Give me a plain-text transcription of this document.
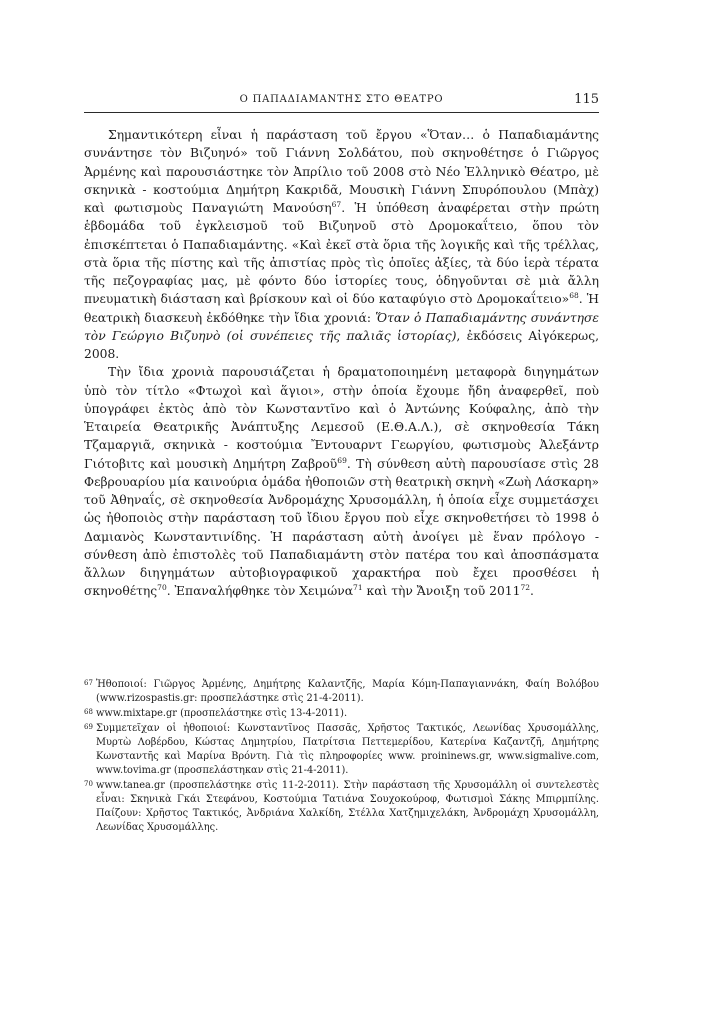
Ο ΠΑΠΑΔΙΑΜΑΝΤΗΣ ΣΤΟ ΘΕΑΤΡΟ	115

Σημαντικότερη εἶναι ἡ παράσταση τοῦ ἔργου «Ὅταν… ὁ Παπαδιαμάντης συνάντησε τὸν Βιζυηνό» τοῦ Γιάννη Σολδάτου, ποὺ σκηνοθέτησε ὁ Γιῶργος Ἀρμένης καὶ παρουσιάστηκε τὸν Ἀπρίλιο τοῦ 2008 στὸ Νέο Ἑλληνικὸ Θέατρο, μὲ σκηνικὰ - κοστούμια Δημήτρη Κακριδᾶ, Μουσικὴ Γιάννη Σπυρόπουλου (Μπὰχ) καὶ φωτισμοὺς Παναγιώτη Μανούση$^{67}$. Ἡ ὑπόθεση ἀναφέρεται στὴν πρώτη ἑβδομάδα τοῦ ἐγκλεισμοῦ τοῦ Βιζυηνοῦ στὸ Δρομοκαΐτειο, ὅπου τὸν ἐπισκέπτεται ὁ Παπαδιαμάντης. «Καὶ ἐκεῖ στὰ ὅρια τῆς λογικῆς καὶ τῆς τρέλλας, στὰ ὅρια τῆς πίστης καὶ τῆς ἀπιστίας πρὸς τὶς ὁποῖες ἀξίες, τὰ δύο ἱερὰ τέρατα τῆς πεζογραφίας μας, μὲ φόντο δύο ἱστορίες τους, ὁδηγοῦνται σὲ μιὰ ἄλλη πνευματικὴ διάσταση καὶ βρίσκουν καὶ οἱ δύο καταφύγιο στὸ Δρομοκαΐτειο»$^{68}$. Ἡ θεατρικὴ διασκευὴ ἐκδόθηκε τὴν ἴδια χρονιά: Ὅταν ὁ Παπαδιαμάντης συνάντησε τὸν Γεώργιο Βιζυηνὸ (οἱ συνέπειες τῆς παλιᾶς ἱστορίας), ἐκδόσεις Αἰγόκερως, 2008.

Τὴν ἴδια χρονιὰ παρουσιάζεται ἡ δραματοποιημένη μεταφορὰ διηγημάτων ὑπὸ τὸν τίτλο «Φτωχοὶ καὶ ἅγιοι», στὴν ὁποία ἔχουμε ἤδη ἀναφερθεῖ, ποὺ ὑπογράφει ἐκτὸς ἀπὸ τὸν Κωνσταντῖνο καὶ ὁ Ἀντώνης Κούφαλης, ἀπὸ τὴν Ἑταιρεία Θεατρικῆς Ἀνάπτυξης Λεμεσοῦ (Ε.Θ.Α.Λ.), σὲ σκηνοθεσία Τάκη Τζαμαργιᾶ, σκηνικὰ - κοστούμια Ἔντουαρντ Γεωργίου, φωτισμοὺς Ἀλεξάντρ Γιότοβιτς καὶ μουσικὴ Δημήτρη Ζαβροῦ$^{69}$. Τὴ σύνθεση αὐτὴ παρουσίασε στὶς 28 Φεβρουαρίου μία καινούρια ὁμάδα ἠθοποιῶν στὴ θεατρικὴ σκηνὴ «Ζωὴ Λάσκαρη» τοῦ Ἀθηναΐς, σὲ σκηνοθεσία Ἀνδρομάχης Χρυσομάλλη, ἡ ὁποία εἶχε συμμετάσχει ὡς ἠθοποιὸς στὴν παράσταση τοῦ ἴδιου ἔργου ποὺ εἶχε σκηνοθετήσει τὸ 1998 ὁ Δαμιανὸς Κωνσταντινίδης. Ἡ παράσταση αὐτὴ ἀνοίγει μὲ ἕναν πρόλογο - σύνθεση ἀπὸ ἐπιστολὲς τοῦ Παπαδιαμάντη στὸν πατέρα του καὶ ἀποσπάσματα ἄλλων διηγημάτων αὐτοβιογραφικοῦ χαρακτήρα ποὺ ἔχει προσθέσει ἡ σκηνοθέτης$^{70}$. Ἐπαναλήφθηκε τὸν Χειμώνα$^{71}$ καὶ τὴν Ἄνοιξη τοῦ 2011$^{72}$.

67 Ἠθοποιοί: Γιῶργος Ἀρμένης, Δημήτρης Καλαντζῆς, Μαρία Κόμη-Παπαγιαννάκη, Φαίη Βολόβου (www.rizospastis.gr: προσπελάστηκε στὶς 21-4-2011).
68 www.mixtape.gr (προσπελάστηκε στὶς 13-4-2011).
69 Συμμετεῖχαν οἱ ἠθοποιοί: Κωνσταντῖνος Πασσᾶς, Χρῆστος Τακτικός, Λεωνίδας Χρυσομάλλης, Μυρτὼ Λοβέρδου, Κώστας Δημητρίου, Πατρίτσια Πεττεμερίδου, Κατερίνα Καζαντζῆ, Δημήτρης Κωνσταντῆς καὶ Μαρίνα Βρόντη. Γιὰ τὶς πληροφορίες www. proininews.gr, www.sigmalive.com, www.tovima.gr (προσπελάστηκαν στὶς 21-4-2011).
70 www.tanea.gr (προσπελάστηκε στὶς 11-2-2011). Στὴν παράσταση τῆς Χρυσομάλλη οἱ συντελεστὲς εἶναι: Σκηνικὰ Γκάι Στεφάνου, Κοστούμια Τατιάνα Σουχοκούροφ, Φωτισμοὶ Σάκης Μπιρμπίλης. Παίζουν: Χρῆστος Τακτικός, Ἀνδριάνα Χαλκίδη, Στέλλα Χατζημιχελάκη, Ἀνδρομάχη Χρυσομάλλη, Λεωνίδας Χρυσομάλλης.
